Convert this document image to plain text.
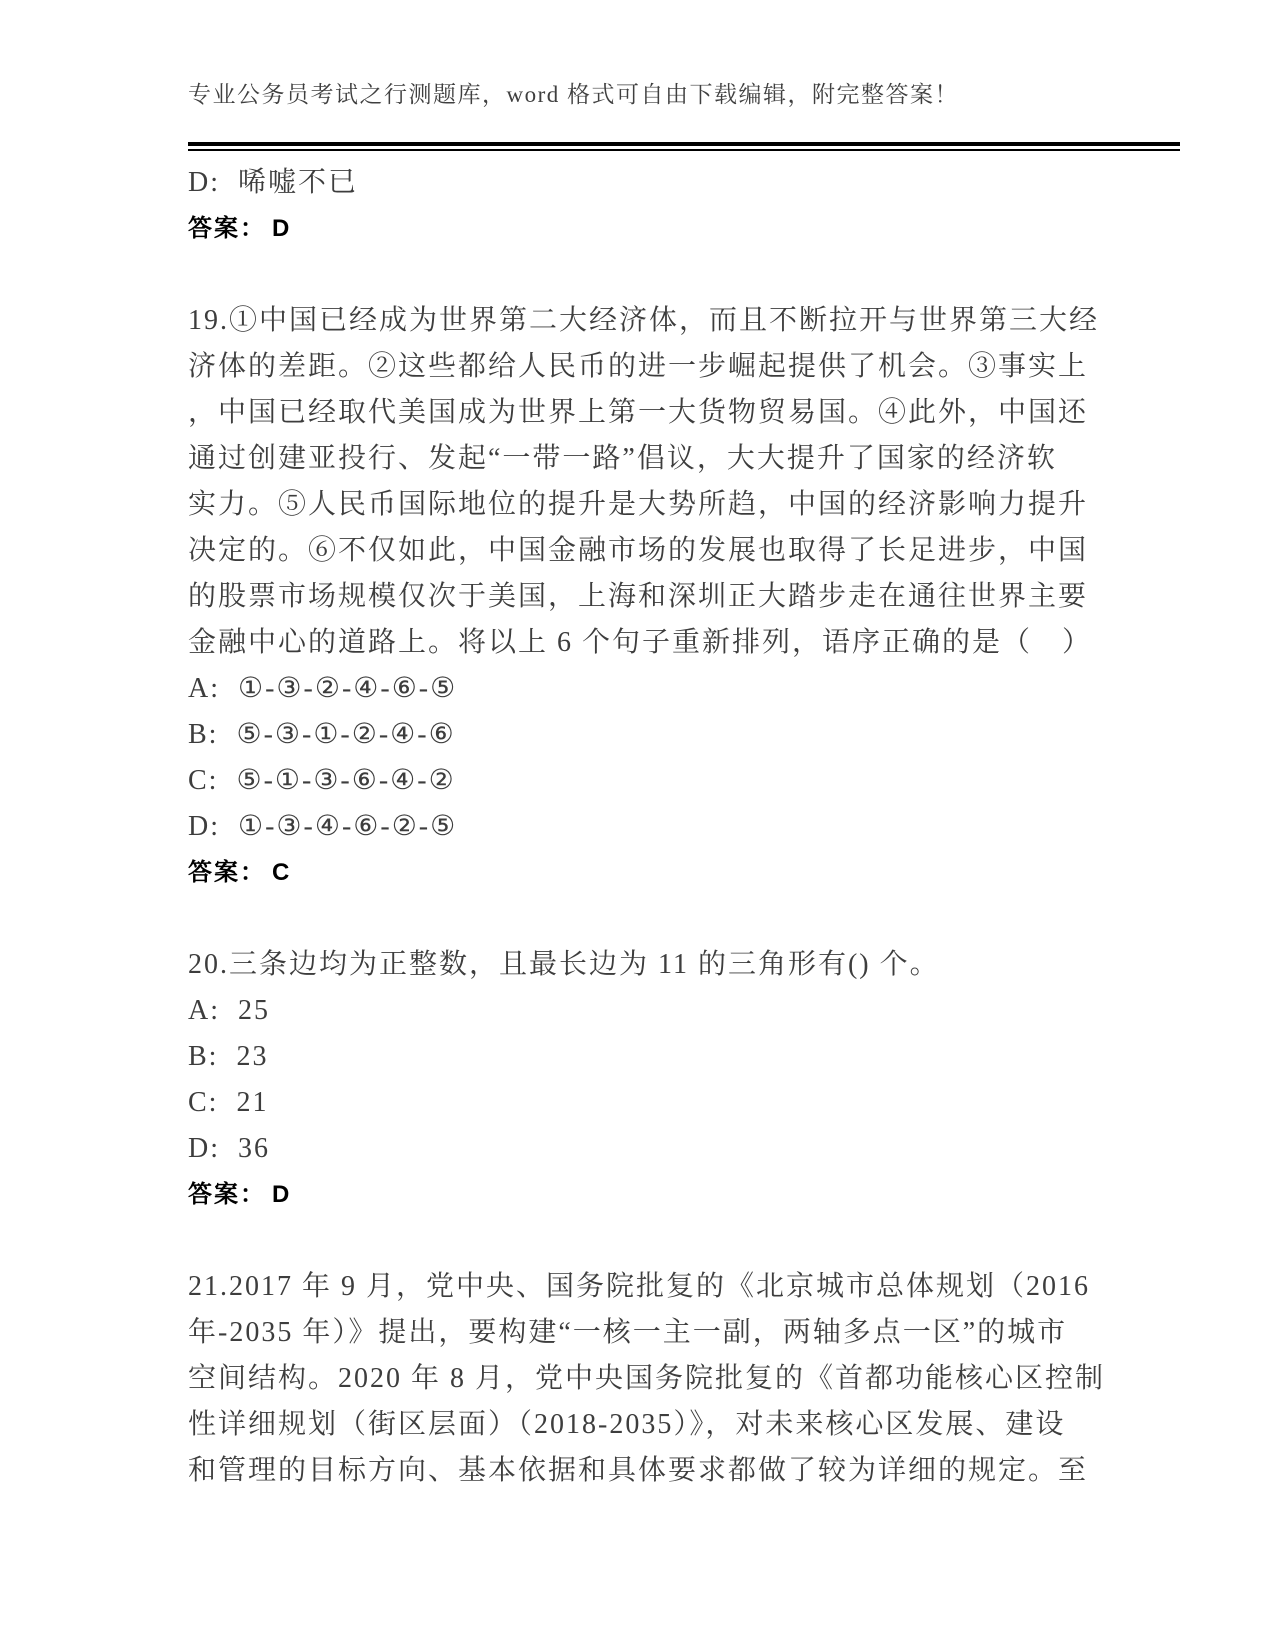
专业公务员考试之行测题库，word 格式可自由下载编辑，附完整答案！
D: 唏嘘不已
答案： D
19.①中国已经成为世界第二大经济体，而且不断拉开与世界第三大经
济体的差距。②这些都给人民币的进一步崛起提供了机会。③事实上
，中国已经取代美国成为世界上第一大货物贸易国。④此外，中国还
通过创建亚投行、发起“一带一路”倡议，大大提升了国家的经济软
实力。⑤人民币国际地位的提升是大势所趋，中国的经济影响力提升
决定的。⑥不仅如此，中国金融市场的发展也取得了长足进步，中国
的股票市场规模仅次于美国，上海和深圳正大踏步走在通往世界主要
金融中心的道路上。将以上 6 个句子重新排列，语序正确的是（　）
A: ①-③-②-④-⑥-⑤
B: ⑤-③-①-②-④-⑥
C: ⑤-①-③-⑥-④-②
D: ①-③-④-⑥-②-⑤
答案： C
20.三条边均为正整数，且最长边为 11 的三角形有() 个。
A: 25
B: 23
C: 21
D: 36
答案： D
21.2017 年 9 月，党中央、国务院批复的《北京城市总体规划（2016
年-2035 年）》提出，要构建“一核一主一副，两轴多点一区”的城市
空间结构。2020 年 8 月，党中央国务院批复的《首都功能核心区控制
性详细规划（街区层面）（2018-2035）》，对未来核心区发展、建设
和管理的目标方向、基本依据和具体要求都做了较为详细的规定。至
